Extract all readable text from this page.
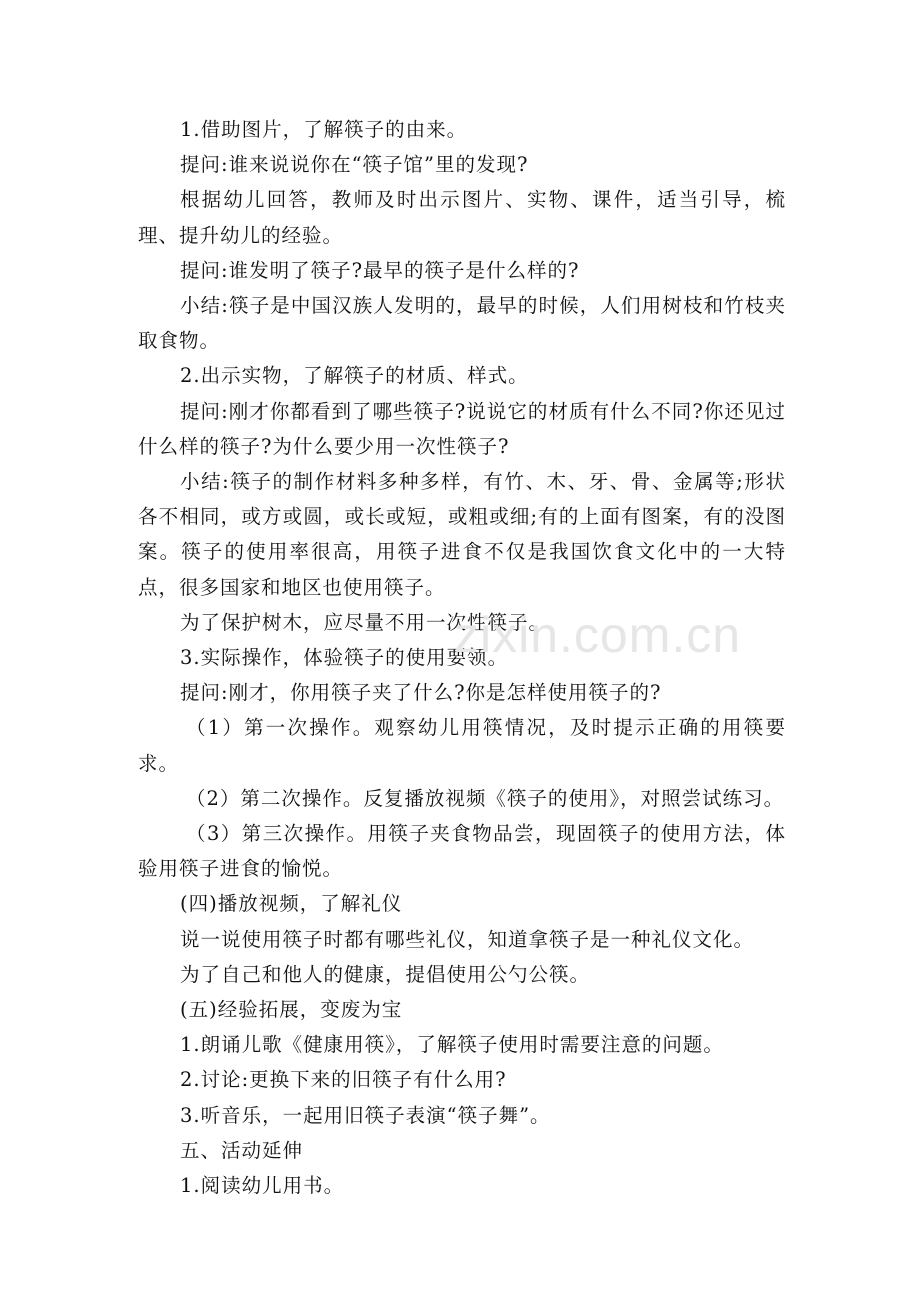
1.借助图片，了解筷子的由来。

提问:谁来说说你在“筷子馆”里的发现?

根据幼儿回答，教师及时出示图片、实物、课件，适当引导，梳理、提升幼儿的经验。

提问:谁发明了筷子?最早的筷子是什么样的?

小结:筷子是中国汉族人发明的，最早的时候，人们用树枝和竹枝夹取食物。

2.出示实物，了解筷子的材质、样式。

提问:刚才你都看到了哪些筷子?说说它的材质有什么不同?你还见过什么样的筷子?为什么要少用一次性筷子?

小结:筷子的制作材料多种多样，有竹、木、牙、骨、金属等;形状各不相同，或方或圆，或长或短，或粗或细;有的上面有图案，有的没图案。筷子的使用率很高，用筷子进食不仅是我国饮食文化中的一大特点，很多国家和地区也使用筷子。

为了保护树木，应尽量不用一次性筷子。

3.实际操作，体验筷子的使用要领。

提问:刚才，你用筷子夹了什么?你是怎样使用筷子的?

（1）第一次操作。观察幼儿用筷情况，及时提示正确的用筷要求。

（2）第二次操作。反复播放视频《筷子的使用》，对照尝试练习。

（3）第三次操作。用筷子夹食物品尝，现固筷子的使用方法，体验用筷子进食的愉悦。

(四)播放视频，了解礼仪

说一说使用筷子时都有哪些礼仪，知道拿筷子是一种礼仪文化。

为了自己和他人的健康，提倡使用公勺公筷。

(五)经验拓展，变废为宝

1.朗诵儿歌《健康用筷》，了解筷子使用时需要注意的问题。

2.讨论:更换下来的旧筷子有什么用?

3.听音乐，一起用旧筷子表演“筷子舞”。

五、活动延伸

1.阅读幼儿用书。

zixin.com.cn
